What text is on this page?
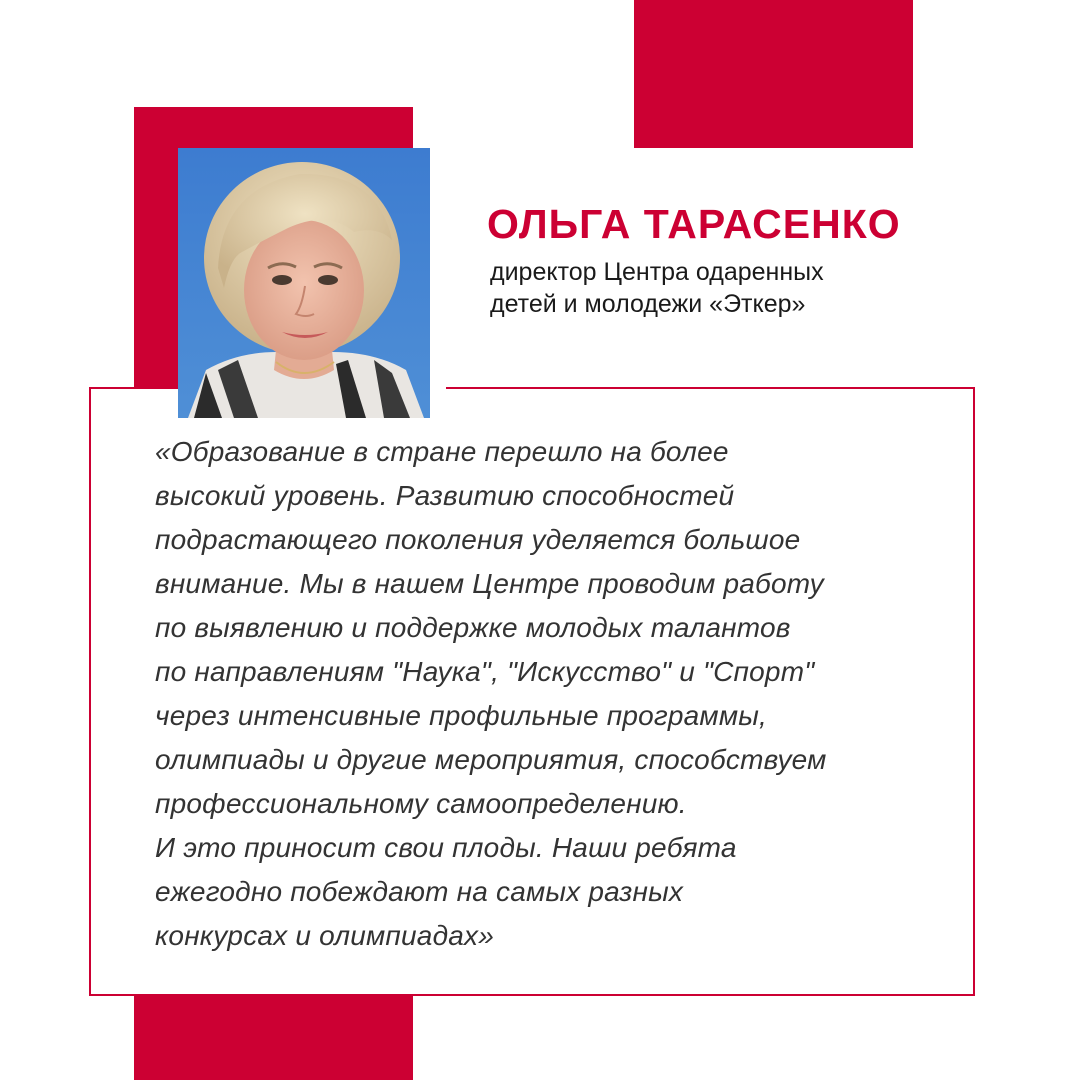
ОЛЬГА ТАРАСЕНКО
директор Центра одаренных
детей и молодежи «Эткер»
«Образование в стране перешло на более
высокий уровень. Развитию способностей
подрастающего поколения уделяется большое
внимание. Мы в нашем Центре проводим работу
по выявлению и поддержке молодых талантов
по направлениям "Наука", "Искусство" и "Спорт"
через интенсивные профильные программы,
олимпиады и другие мероприятия, способствуем
профессиональному самоопределению.
И это приносит свои плоды. Наши ребята
ежегодно побеждают на самых разных
конкурсах и олимпиадах»
